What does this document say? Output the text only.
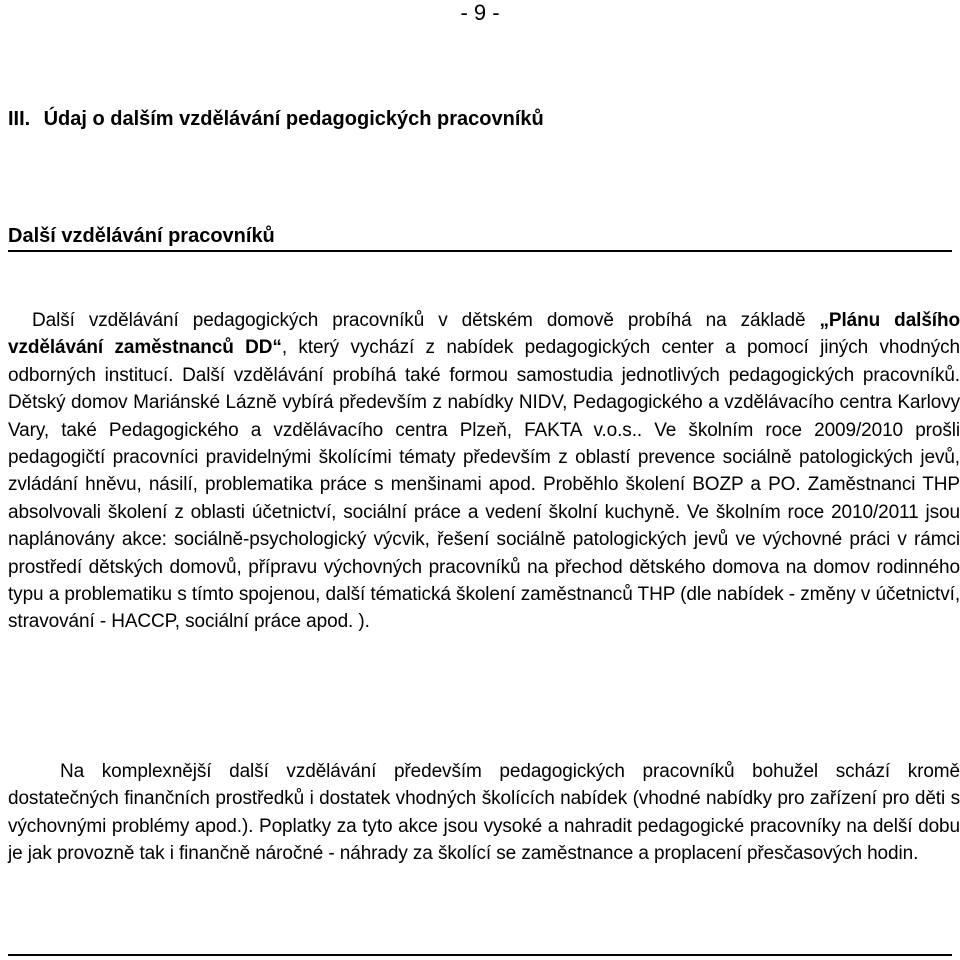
- 9 -
III. Údaj o dalším vzdělávání pedagogických pracovníků
Další vzdělávání pracovníků

Další vzdělávání pedagogických pracovníků v dětském domově probíhá na základě „Plánu dalšího vzdělávání zaměstnanců DD“, který vychází z nabídek pedagogických center a pomocí jiných vhodných odborných institucí. Další vzdělávání probíhá také formou samostudia jednotlivých pedagogických pracovníků. Dětský domov Mariánské Lázně vybírá především z nabídky NIDV, Pedagogického a vzdělávacího centra Karlovy Vary, také Pedagogického a vzdělávacího centra Plzeň, FAKTA v.o.s.. Ve školním roce 2009/2010 prošli pedagogičtí pracovníci pravidelnými školícími tématy především z oblastí prevence sociálně patologických jevů, zvládání hněvu, násilí, problematika práce s menšinami apod. Proběhlo školení BOZP a PO. Zaměstnanci THP absolvovali školení z oblasti účetnictví, sociální práce a vedení školní kuchyně. Ve školním roce 2010/2011 jsou naplánovány akce: sociálně-psychologický výcvik, řešení sociálně patologických jevů ve výchovné práci v rámci prostředí dětských domovů, přípravu výchovných pracovníků na přechod dětského domova na domov rodinného typu a problematiku s tímto spojenou, další tématická školení zaměstnanců THP (dle nabídek - změny v účetnictví, stravování - HACCP, sociální práce apod. ).

Na komplexnější další vzdělávání především pedagogických pracovníků bohužel schází kromě dostatečných finančních prostředků i dostatek vhodných školících nabídek (vhodné nabídky pro zařízení pro děti s výchovnými problémy apod.). Poplatky za tyto akce jsou vysoké a nahradit pedagogické pracovníky na delší dobu je jak provozně tak i finančně náročné - náhrady za školící se zaměstnance a proplacení přesčasových hodin.
